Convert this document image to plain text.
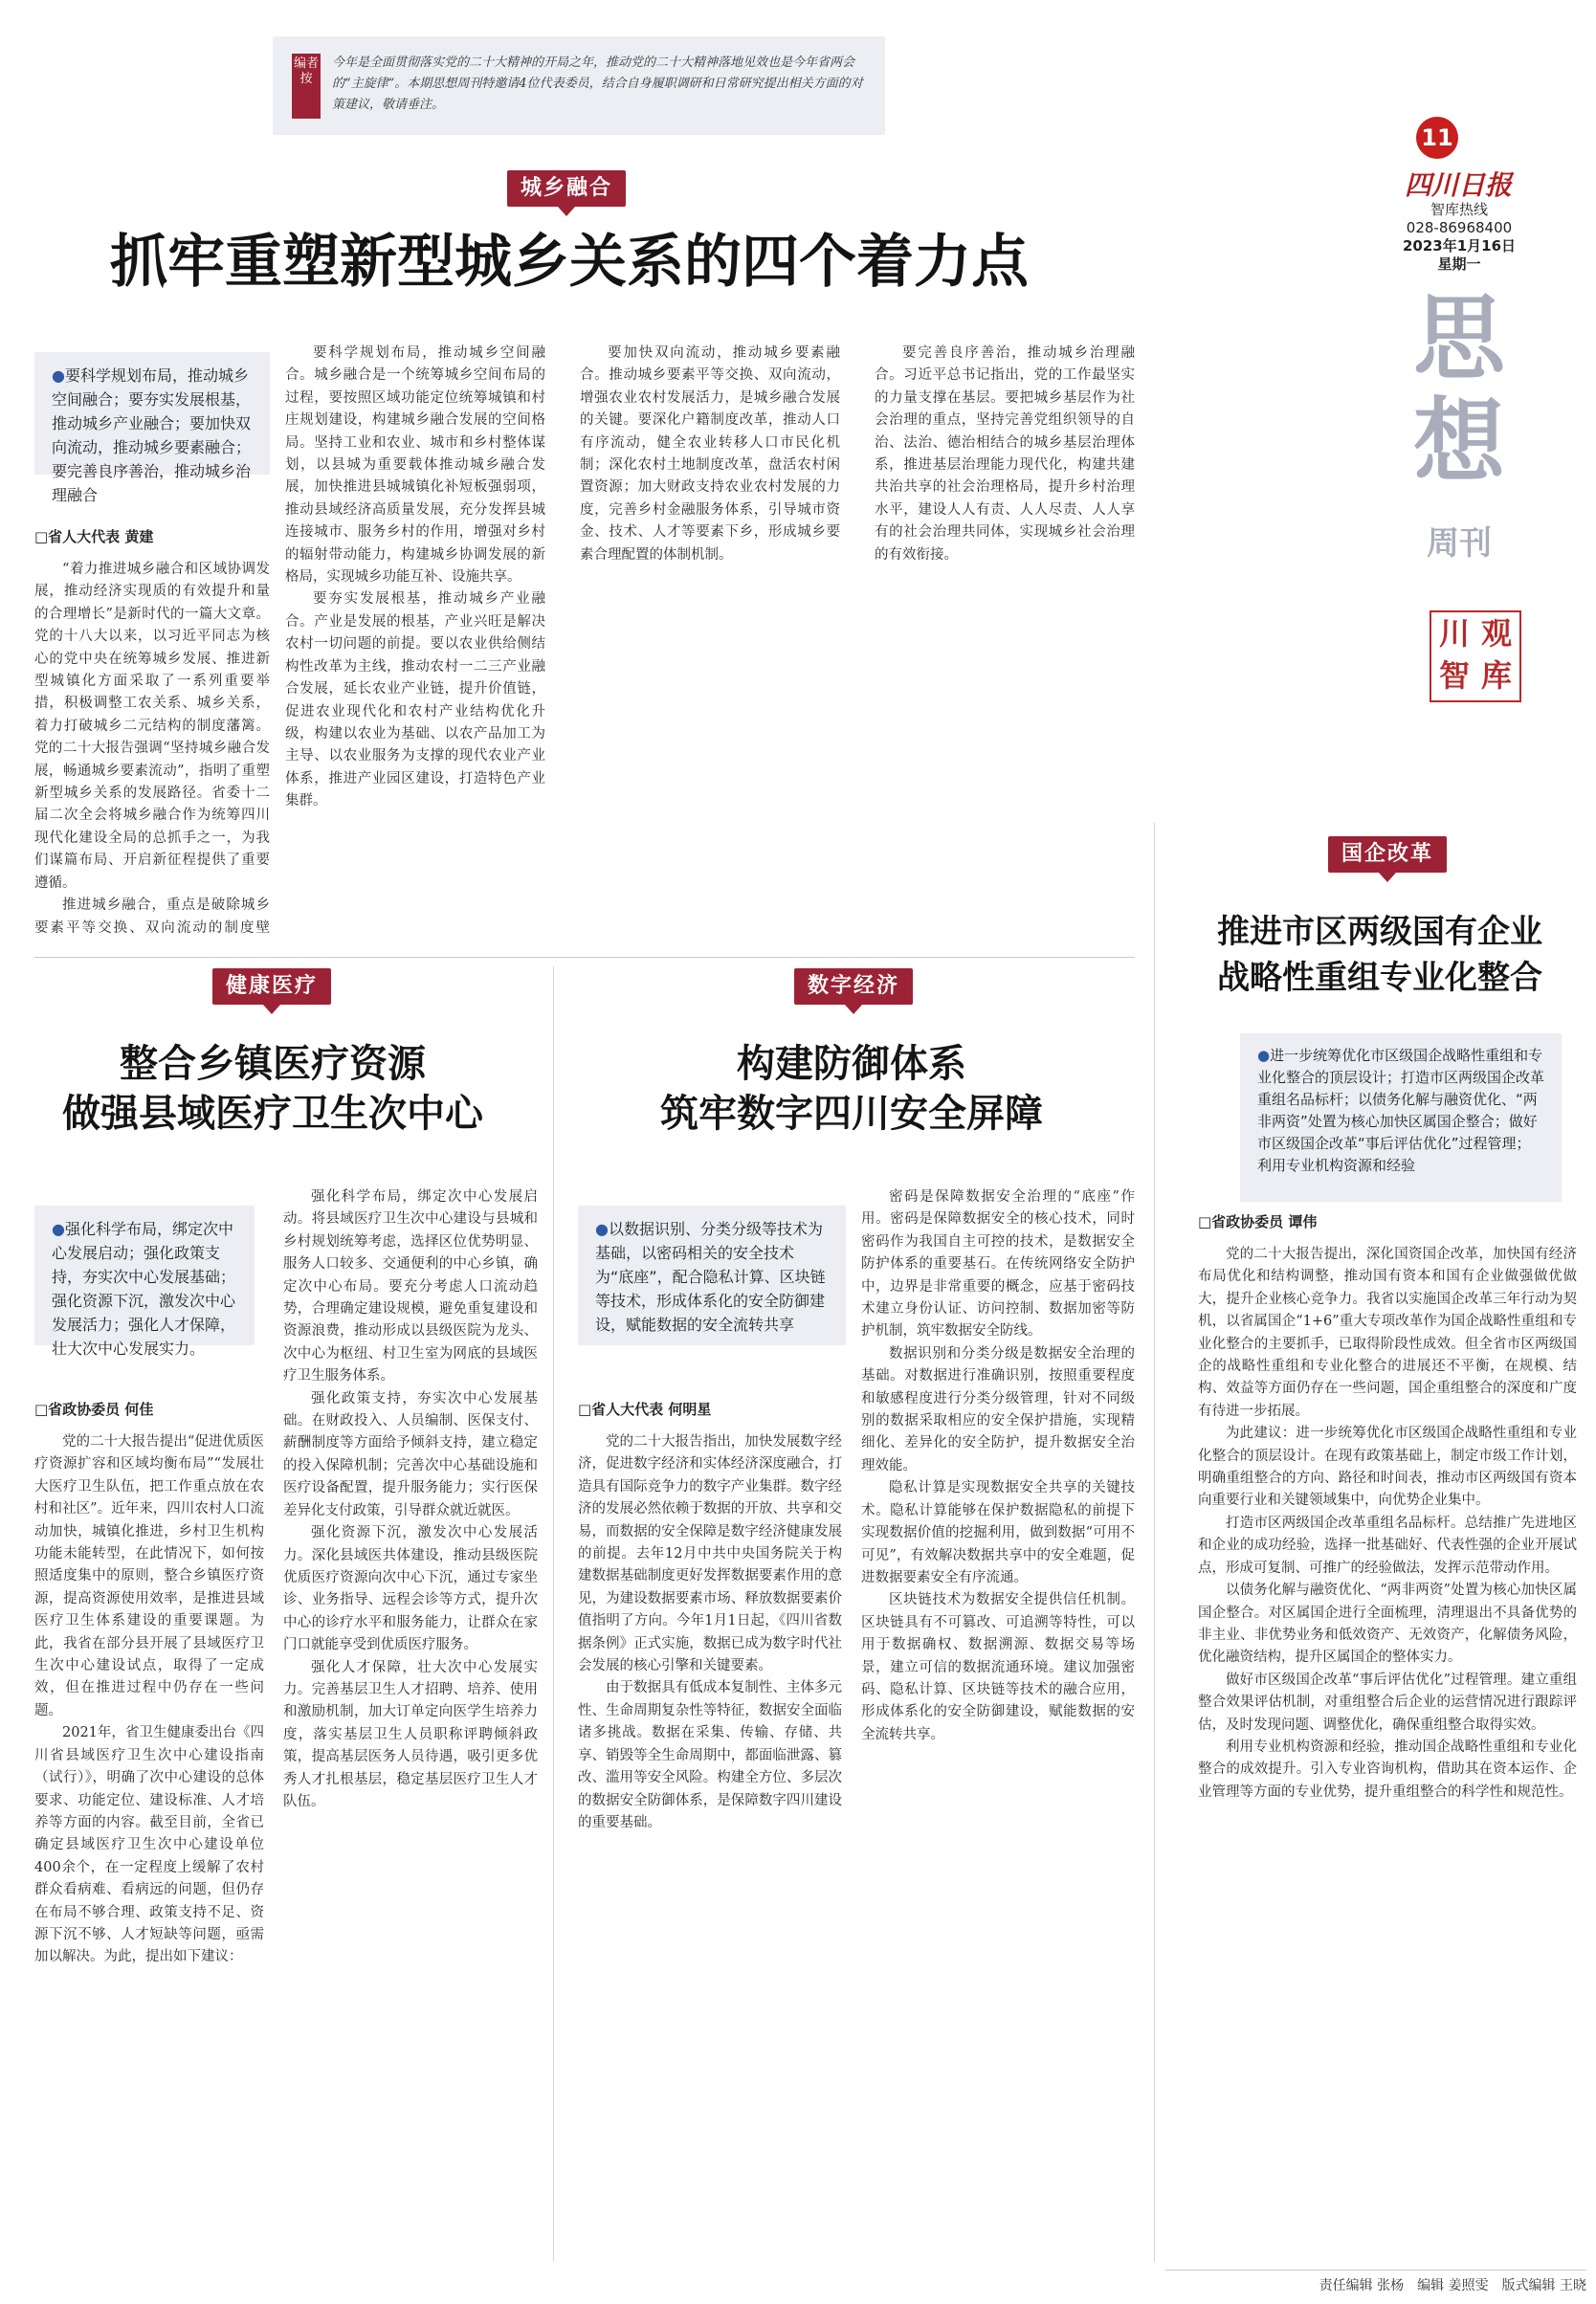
编者按
今年是全面贯彻落实党的二十大精神的开局之年，推动党的二十大精神落地见效也是今年省两会的“主旋律”。本期思想周刊特邀请4位代表委员，结合自身履职调研和日常研究提出相关方面的对策建议，敬请垂注。
11
四川日报
智库热线
028-86968400
2023年1月16日
星期一
思
想
周刊
川 观
智 库
城乡融合
抓牢重塑新型城乡关系的四个着力点
●要科学规划布局，推动城乡空间融合；要夯实发展根基，推动城乡产业融合；要加快双向流动，推动城乡要素融合；要完善良序善治，推动城乡治理融合
□省人大代表 黄建

“着力推进城乡融合和区域协调发展，推动经济实现质的有效提升和量的合理增长”是新时代的一篇大文章。党的十八大以来，以习近平同志为核心的党中央在统筹城乡发展、推进新型城镇化方面采取了一系列重要举措，积极调整工农关系、城乡关系，着力打破城乡二元结构的制度藩篱。党的二十大报告强调“坚持城乡融合发展，畅通城乡要素流动”，指明了重塑新型城乡关系的发展路径。省委十二届二次全会将城乡融合作为统筹四川现代化建设全局的总抓手之一，为我们谋篇布局、开启新征程提供了重要遵循。

推进城乡融合，重点是破除城乡要素平等交换、双向流动的制度壁

要科学规划布局，推动城乡空间融合。城乡融合是一个统筹城乡空间布局的过程，要按照区域功能定位统筹城镇和村庄规划建设，构建城乡融合发展的空间格局。坚持工业和农业、城市和乡村整体谋划，以县城为重要载体推动城乡融合发展，加快推进县城城镇化补短板强弱项，推动县域经济高质量发展，充分发挥县城连接城市、服务乡村的作用，增强对乡村的辐射带动能力，构建城乡协调发展的新格局，实现城乡功能互补、设施共享。

要夯实发展根基，推动城乡产业融合。产业是发展的根基，产业兴旺是解决农村一切问题的前提。要以农业供给侧结构性改革为主线，推动农村一二三产业融合发展，延长农业产业链，提升价值链，促进农业现代化和农村产业结构优化升级，构建以农业为基础、以农产品加工为主导、以农业服务为支撑的现代农业产业体系，推进产业园区建设，打造特色产业集群。

要加快双向流动，推动城乡要素融合。推动城乡要素平等交换、双向流动，增强农业农村发展活力，是城乡融合发展的关键。要深化户籍制度改革，推动人口有序流动，健全农业转移人口市民化机制；深化农村土地制度改革，盘活农村闲置资源；加大财政支持农业农村发展的力度，完善乡村金融服务体系，引导城市资金、技术、人才等要素下乡，形成城乡要素合理配置的体制机制。

要完善良序善治，推动城乡治理融合。习近平总书记指出，党的工作最坚实的力量支撑在基层。要把城乡基层作为社会治理的重点，坚持完善党组织领导的自治、法治、德治相结合的城乡基层治理体系，推进基层治理能力现代化，构建共建共治共享的社会治理格局，提升乡村治理水平，建设人人有责、人人尽责、人人享有的社会治理共同体，实现城乡社会治理的有效衔接。

健康医疗
整合乡镇医疗资源
做强县域医疗卫生次中心
●强化科学布局，绑定次中心发展启动；强化政策支持，夯实次中心发展基础；强化资源下沉，激发次中心发展活力；强化人才保障，壮大次中心发展实力。
□省政协委员 何佳

党的二十大报告提出“促进优质医疗资源扩容和区域均衡布局”“发展壮大医疗卫生队伍，把工作重点放在农村和社区”。近年来，四川农村人口流动加快，城镇化推进，乡村卫生机构功能未能转型，在此情况下，如何按照适度集中的原则，整合乡镇医疗资源，提高资源使用效率，是推进县域医疗卫生体系建设的重要课题。为此，我省在部分县开展了县域医疗卫生次中心建设试点，取得了一定成效，但在推进过程中仍存在一些问题。

2021年，省卫生健康委出台《四川省县域医疗卫生次中心建设指南（试行）》，明确了次中心建设的总体要求、功能定位、建设标准、人才培养等方面的内容。截至目前，全省已确定县域医疗卫生次中心建设单位400余个，在一定程度上缓解了农村群众看病难、看病远的问题，但仍存在布局不够合理、政策支持不足、资源下沉不够、人才短缺等问题，亟需加以解决。为此，提出如下建议：

强化科学布局，绑定次中心发展启动。将县域医疗卫生次中心建设与县城和乡村规划统筹考虑，选择区位优势明显、服务人口较多、交通便利的中心乡镇，确定次中心布局。要充分考虑人口流动趋势，合理确定建设规模，避免重复建设和资源浪费，推动形成以县级医院为龙头、次中心为枢纽、村卫生室为网底的县域医疗卫生服务体系。

强化政策支持，夯实次中心发展基础。在财政投入、人员编制、医保支付、薪酬制度等方面给予倾斜支持，建立稳定的投入保障机制；完善次中心基础设施和医疗设备配置，提升服务能力；实行医保差异化支付政策，引导群众就近就医。

强化资源下沉，激发次中心发展活力。深化县域医共体建设，推动县级医院优质医疗资源向次中心下沉，通过专家坐诊、业务指导、远程会诊等方式，提升次中心的诊疗水平和服务能力，让群众在家门口就能享受到优质医疗服务。

强化人才保障，壮大次中心发展实力。完善基层卫生人才招聘、培养、使用和激励机制，加大订单定向医学生培养力度，落实基层卫生人员职称评聘倾斜政策，提高基层医务人员待遇，吸引更多优秀人才扎根基层，稳定基层医疗卫生人才队伍。

数字经济
构建防御体系
筑牢数字四川安全屏障
●以数据识别、分类分级等技术为基础，以密码相关的安全技术为“底座”，配合隐私计算、区块链等技术，形成体系化的安全防御建设，赋能数据的安全流转共享
□省人大代表 何明星

党的二十大报告指出，加快发展数字经济，促进数字经济和实体经济深度融合，打造具有国际竞争力的数字产业集群。数字经济的发展必然依赖于数据的开放、共享和交易，而数据的安全保障是数字经济健康发展的前提。去年12月中共中央国务院关于构建数据基础制度更好发挥数据要素作用的意见，为建设数据要素市场、释放数据要素价值指明了方向。今年1月1日起，《四川省数据条例》正式实施，数据已成为数字时代社会发展的核心引擎和关键要素。

由于数据具有低成本复制性、主体多元性、生命周期复杂性等特征，数据安全面临诸多挑战。数据在采集、传输、存储、共享、销毁等全生命周期中，都面临泄露、篡改、滥用等安全风险。构建全方位、多层次的数据安全防御体系，是保障数字四川建设的重要基础。

密码是保障数据安全治理的“底座”作用。密码是保障数据安全的核心技术，同时密码作为我国自主可控的技术，是数据安全防护体系的重要基石。在传统网络安全防护中，边界是非常重要的概念，应基于密码技术建立身份认证、访问控制、数据加密等防护机制，筑牢数据安全防线。

数据识别和分类分级是数据安全治理的基础。对数据进行准确识别，按照重要程度和敏感程度进行分类分级管理，针对不同级别的数据采取相应的安全保护措施，实现精细化、差异化的安全防护，提升数据安全治理效能。

隐私计算是实现数据安全共享的关键技术。隐私计算能够在保护数据隐私的前提下实现数据价值的挖掘利用，做到数据“可用不可见”，有效解决数据共享中的安全难题，促进数据要素安全有序流通。

区块链技术为数据安全提供信任机制。区块链具有不可篡改、可追溯等特性，可以用于数据确权、数据溯源、数据交易等场景，建立可信的数据流通环境。建议加强密码、隐私计算、区块链等技术的融合应用，形成体系化的安全防御建设，赋能数据的安全流转共享。

国企改革
推进市区两级国有企业
战略性重组专业化整合
●进一步统筹优化市区级国企战略性重组和专业化整合的顶层设计；打造市区两级国企改革重组名品标杆；以债务化解与融资优化、“两非两资”处置为核心加快区属国企整合；做好市区级国企改革“事后评估优化”过程管理；利用专业机构资源和经验
□省政协委员 谭伟

党的二十大报告提出，深化国资国企改革，加快国有经济布局优化和结构调整，推动国有资本和国有企业做强做优做大，提升企业核心竞争力。我省以实施国企改革三年行动为契机，以省属国企“1+6”重大专项改革作为国企战略性重组和专业化整合的主要抓手，已取得阶段性成效。但全省市区两级国企的战略性重组和专业化整合的进展还不平衡，在规模、结构、效益等方面仍存在一些问题，国企重组整合的深度和广度有待进一步拓展。

为此建议：进一步统筹优化市区级国企战略性重组和专业化整合的顶层设计。在现有政策基础上，制定市级工作计划，明确重组整合的方向、路径和时间表，推动市区两级国有资本向重要行业和关键领域集中，向优势企业集中。

打造市区两级国企改革重组名品标杆。总结推广先进地区和企业的成功经验，选择一批基础好、代表性强的企业开展试点，形成可复制、可推广的经验做法，发挥示范带动作用。

以债务化解与融资优化、“两非两资”处置为核心加快区属国企整合。对区属国企进行全面梳理，清理退出不具备优势的非主业、非优势业务和低效资产、无效资产，化解债务风险，优化融资结构，提升区属国企的整体实力。

做好市区级国企改革“事后评估优化”过程管理。建立重组整合效果评估机制，对重组整合后企业的运营情况进行跟踪评估，及时发现问题、调整优化，确保重组整合取得实效。

利用专业机构资源和经验，推动国企战略性重组和专业化整合的成效提升。引入专业咨询机构，借助其在资本运作、企业管理等方面的专业优势，提升重组整合的科学性和规范性。

责任编辑 张杨　编辑 姜照雯　版式编辑 王晓
